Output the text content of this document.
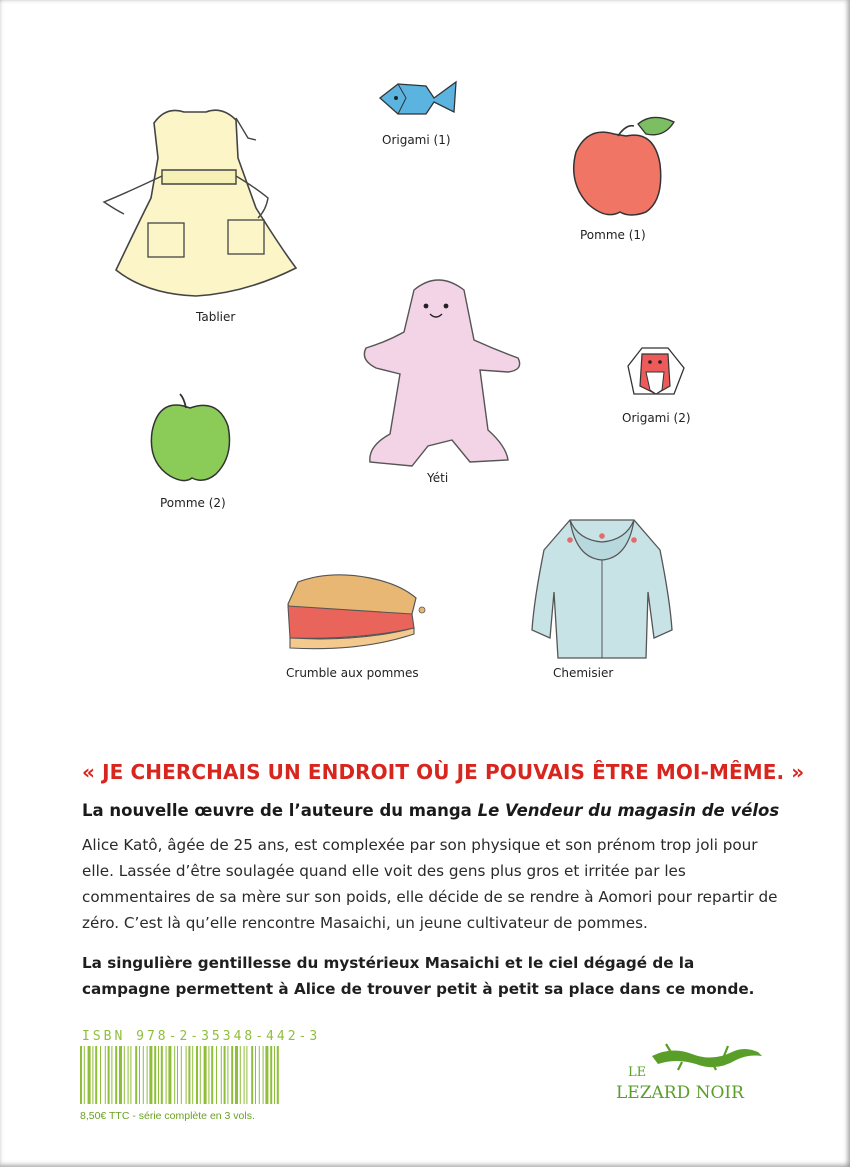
Tablier
Origami (1)
Pomme (1)
Yéti
Origami (2)
Pomme (2)
Crumble aux pommes	Chemisier
« JE CHERCHAIS UN ENDROIT OÙ JE POUVAIS ÊTRE MOI-MÊME. »
La nouvelle œuvre de l’auteure du manga Le Vendeur du magasin de vélos
Alice Katô, âgée de 25 ans, est complexée par son physique et son prénom trop joli pour elle. Lassée d’être soulagée quand elle voit des gens plus gros et irritée par les commentaires de sa mère sur son poids, elle décide de se rendre à Aomori pour repartir de zéro. C’est là qu’elle rencontre Masaichi, un jeune cultivateur de pommes.
La singulière gentillesse du mystérieux Masaichi et le ciel dégagé de la campagne permettent à Alice de trouver petit à petit sa place dans ce monde.
ISBN 978-2-35348-442-3
8,50€ TTC - série complète en 3 vols.
LE
LEZARD NOIR
